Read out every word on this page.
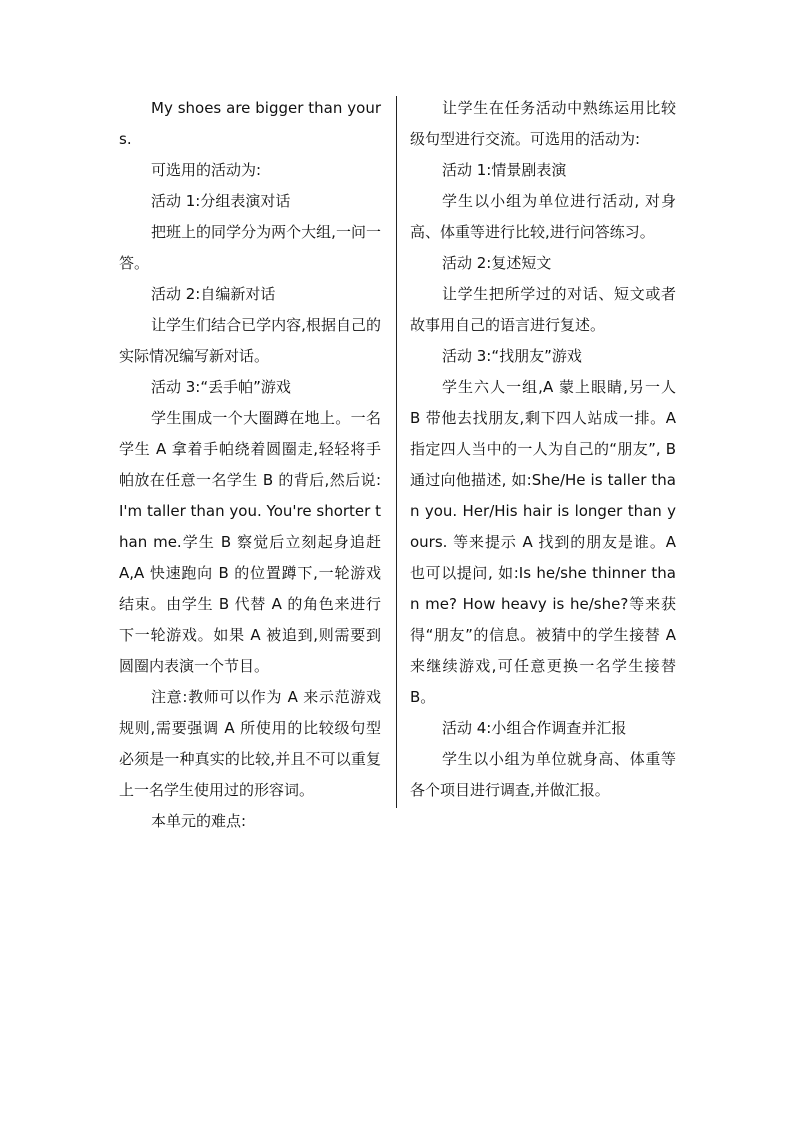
My shoes are bigger than yours.

可选用的活动为:

活动 1:分组表演对话

把班上的同学分为两个大组,一问一答。

活动 2:自编新对话

让学生们结合已学内容,根据自己的实际情况编写新对话。

活动 3:“丢手帕”游戏

学生围成一个大圈蹲在地上。一名学生 A 拿着手帕绕着圆圈走,轻轻将手帕放在任意一名学生 B 的背后,然后说:I'm taller than you. You're shorter than me.学生 B 察觉后立刻起身追赶 A,A 快速跑向 B 的位置蹲下,一轮游戏结束。由学生 B 代替 A 的角色来进行下一轮游戏。如果 A 被追到,则需要到圆圈内表演一个节目。

注意:教师可以作为 A 来示范游戏规则,需要强调 A 所使用的比较级句型必须是一种真实的比较,并且不可以重复上一名学生使用过的形容词。

本单元的难点:

让学生在任务活动中熟练运用比较级句型进行交流。可选用的活动为:

活动 1:情景剧表演

学生以小组为单位进行活动, 对身高、体重等进行比较,进行问答练习。

活动 2:复述短文

让学生把所学过的对话、短文或者故事用自己的语言进行复述。

活动 3:“找朋友”游戏

学生六人一组,A 蒙上眼睛,另一人 B 带他去找朋友,剩下四人站成一排。A 指定四人当中的一人为自己的“朋友”, B 通过向他描述, 如:She/He is taller than you. Her/His hair is longer than yours. 等来提示 A 找到的朋友是谁。A 也可以提问, 如:Is he/she thinner than me? How heavy is he/she?等来获得“朋友”的信息。被猜中的学生接替 A 来继续游戏,可任意更换一名学生接替 B。

活动 4:小组合作调查并汇报

学生以小组为单位就身高、体重等各个项目进行调查,并做汇报。
